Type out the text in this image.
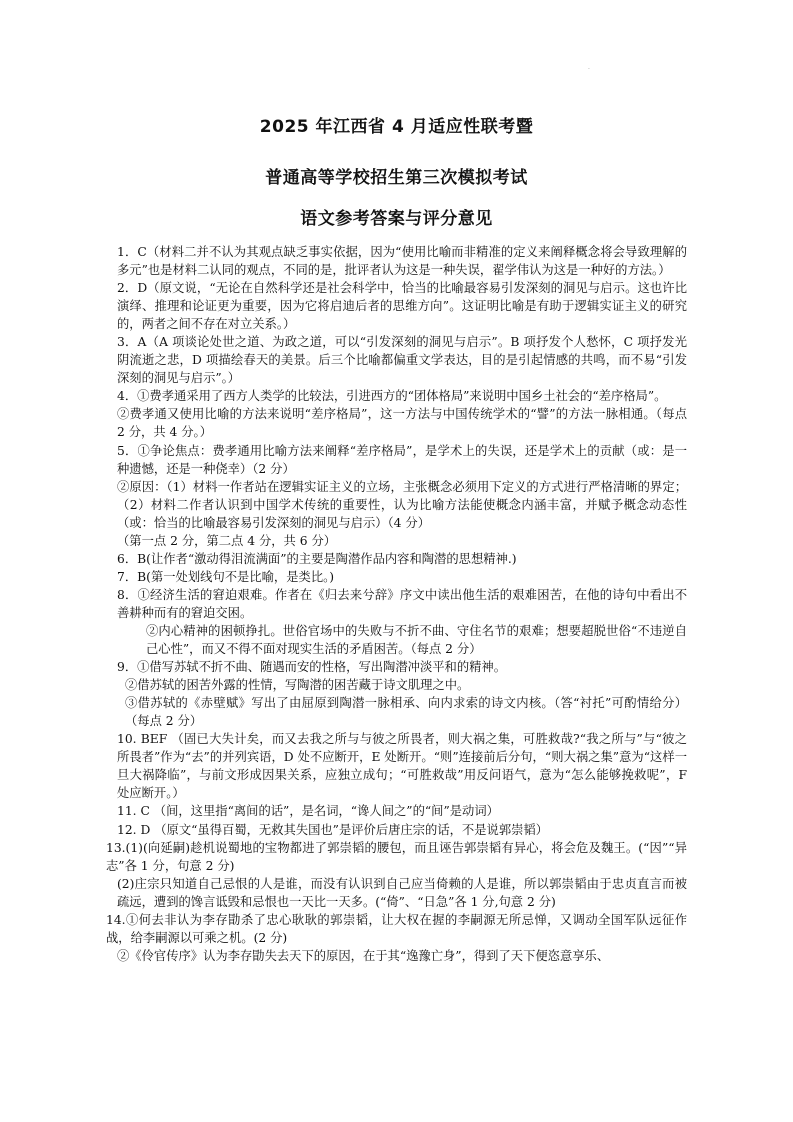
·
2025 年江西省 4 月适应性联考暨
普通高等学校招生第三次模拟考试
语文参考答案与评分意见

1．C（材料二并不认为其观点缺乏事实依据，因为“使用比喻而非精准的定义来阐释概念将会导致理解的多元”也是材料二认同的观点，不同的是，批评者认为这是一种失误，翟学伟认为这是一种好的方法。）

2．D（原文说，“无论在自然科学还是社会科学中，恰当的比喻最容易引发深刻的洞见与启示。这也许比演绎、推理和论证更为重要，因为它将启迪后者的思维方向”。这证明比喻是有助于逻辑实证主义的研究的，两者之间不存在对立关系。）

3．A（A 项谈论处世之道、为政之道，可以“引发深刻的洞见与启示”。B 项抒发个人愁怀，C 项抒发光阴流逝之悲，D 项描绘春天的美景。后三个比喻都偏重文学表达，目的是引起情感的共鸣，而不易“引发深刻的洞见与启示”。）

4．①费孝通采用了西方人类学的比较法，引进西方的“团体格局”来说明中国乡土社会的“差序格局”。

②费孝通又使用比喻的方法来说明“差序格局”，这一方法与中国传统学术的“譬”的方法一脉相通。（每点 2 分，共 4 分。）

5．①争论焦点：费孝通用比喻方法来阐释“差序格局”，是学术上的失误，还是学术上的贡献（或：是一种遗憾，还是一种侥幸）（2 分）

②原因：（1）材料一作者站在逻辑实证主义的立场，主张概念必须用下定义的方式进行严格清晰的界定；（2）材料二作者认识到中国学术传统的重要性，认为比喻方法能使概念内涵丰富，并赋予概念动态性（或：恰当的比喻最容易引发深刻的洞见与启示）（4 分）

（第一点 2 分，第二点 4 分，共 6 分）

6．B(让作者“激动得泪流满面”的主要是陶潜作品内容和陶潜的思想精神.)

7．B(第一处划线句不是比喻，是类比。)

8．①经济生活的窘迫艰难。作者在《归去来兮辞》序文中读出他生活的艰难困苦，在他的诗句中看出不善耕种而有的窘迫交困。

②内心精神的困顿挣扎。世俗官场中的失败与不折不曲、守住名节的艰难；想要超脱世俗“不违逆自己心性”，而又不得不面对现实生活的矛盾困苦。（每点 2 分）

9．①借写苏轼不折不曲、随遇而安的性格，写出陶潜冲淡平和的精神。

②借苏轼的困苦外露的性情，写陶潜的困苦藏于诗文肌理之中。

③借苏轼的《赤壁赋》写出了由屈原到陶潜一脉相承、向内求索的诗文内核。（答“衬托”可酌情给分）（每点 2 分）

10. BEF （固已大失计矣，而又去我之所与与彼之所畏者，则大祸之集，可胜救哉?“我之所与”与“彼之所畏者”作为“去”的并列宾语，D 处不应断开，E 处断开。“则”连接前后分句，“则大祸之集”意为“这样一旦大祸降临”，与前文形成因果关系，应独立成句；“可胜救哉”用反问语气，意为“怎么能够挽救呢”，F 处应断开。）

11. C （间，这里指“离间的话”，是名词，“谗人间之”的“间”是动词）

12. D （原文“虽得百蜀，无救其失国也”是评价后唐庄宗的话，不是说郭崇韬）

13.(1)(向延嗣)趁机说蜀地的宝物都进了郭崇韬的腰包，而且诬告郭崇韬有异心，将会危及魏王。(“因”“异志”各 1 分，句意 2 分)

(2)庄宗只知道自己忌恨的人是谁，而没有认识到自己应当倚赖的人是谁，所以郭崇韬由于忠贞直言而被疏远，遭到的馋言诋毁和忌恨也一天比一天多。(“倚”、“日急”各 1 分,句意 2 分)

14.①何去非认为李存勖杀了忠心耿耿的郭崇韬，让大权在握的李嗣源无所忌惮，又调动全国军队远征作战，给李嗣源以可乘之机。(2 分)

②《伶官传序》认为李存勖失去天下的原因，在于其“逸豫亡身”，得到了天下便恣意享乐、
